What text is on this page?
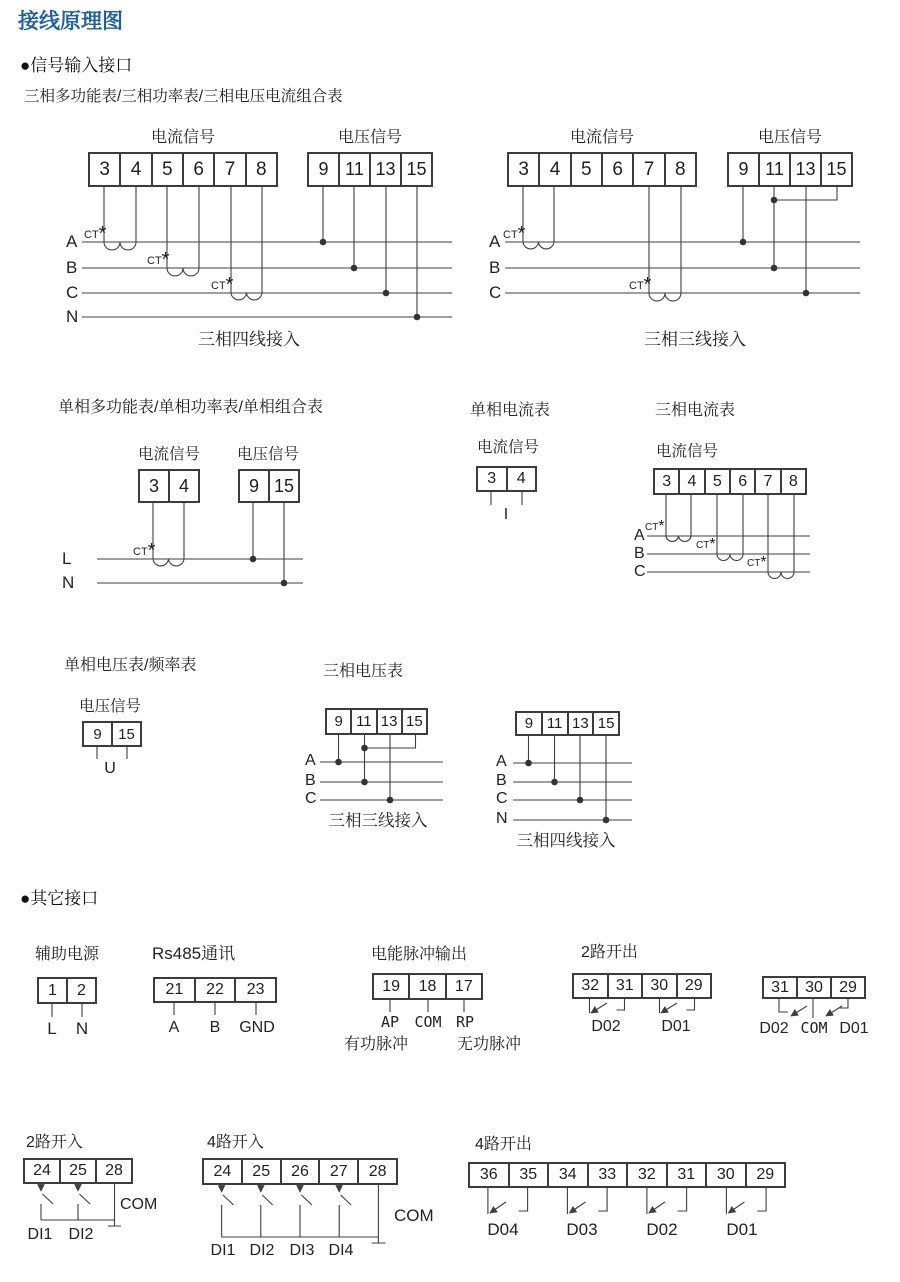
接线原理图
●信号输入接口
三相多功能表/三相功率表/三相电压电流组合表
电流信号	电压信号
3	4	5	6	7	8	9 11 13 15
A
B
C
N
CT*
CT*
CT*
三相四线接入
电流信号	电压信号
3	4	5	6	7	8	9 11 13 15
A
B
C
CT*
CT*
三相三线接入
单相多功能表/单相功率表/单相组合表
电流信号 电压信号
3	4	9 15
L
N
CT*
单相电流表
电流信号
3	4
I
三相电流表
电流信号
3	4	5	6	7	8
A
B
C
CT*
CT*
CT*
单相电压表/频率表
电压信号
9	15
U
三相电压表
9 11 13 15
A
B
C
三相三线接入
9 11 13 15
A
B
C
N
三相四线接入
●其它接口
辅助电源
1	2
L N
Rs485通讯
21	22	23
A B GND
电能脉冲输出
19	18	17
AP COM RP
有功脉冲	无功脉冲
2路开出
32	31	30	29
D02	D01
31	30	29
D02 COM D01
2路开入
24	25	28
DI1 DI2
COM
4路开入
24	25	26	27	28
DI1 DI2 DI3 DI4
COM
4路开出
36	35	34	33	32	31	30	29
D04	D03	D02	D01
